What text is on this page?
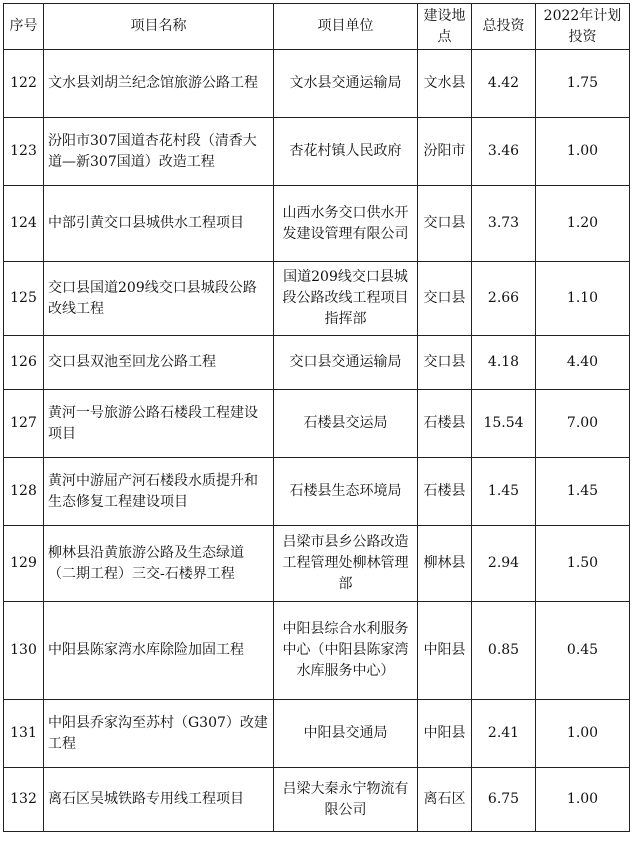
序号	项目名称	项目单位	建设地点	总投资	2022年计划投资
122	文水县刘胡兰纪念馆旅游公路工程	文水县交通运输局	文水县	4.42	1.75
123	汾阳市307国道杏花村段（清香大道—新307国道）改造工程	杏花村镇人民政府	汾阳市	3.46	1.00
124	中部引黄交口县城供水工程项目	山西水务交口供水开发建设管理有限公司	交口县	3.73	1.20
125	交口县国道209线交口县城段公路改线工程	国道209线交口县城段公路改线工程项目指挥部	交口县	2.66	1.10
126	交口县双池至回龙公路工程	交口县交通运输局	交口县	4.18	4.40
127	黄河一号旅游公路石楼段工程建设项目	石楼县交运局	石楼县	15.54	7.00
128	黄河中游屈产河石楼段水质提升和生态修复工程建设项目	石楼县生态环境局	石楼县	1.45	1.45
129	柳林县沿黄旅游公路及生态绿道（二期工程）三交-石楼界工程	吕梁市县乡公路改造工程管理处柳林管理部	柳林县	2.94	1.50
130	中阳县陈家湾水库除险加固工程	中阳县综合水利服务中心（中阳县陈家湾水库服务中心）	中阳县	0.85	0.45
131	中阳县乔家沟至苏村（G307）改建工程	中阳县交通局	中阳县	2.41	1.00
132	离石区吴城铁路专用线工程项目	吕梁大秦永宁物流有限公司	离石区	6.75	1.00
